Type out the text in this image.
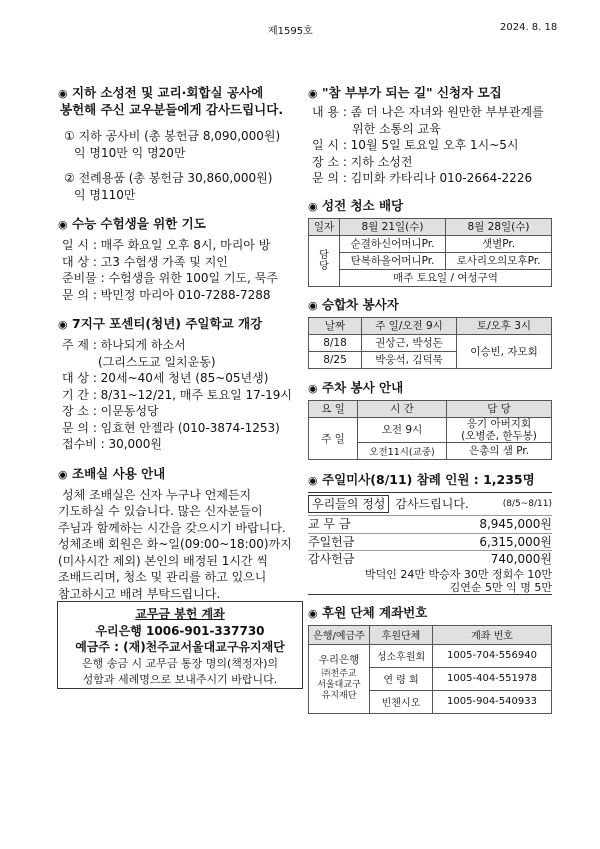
제1595호	2024. 8. 18
◉ 지하 소성전 및 교리·회합실 공사에
봉헌해 주신 교우분들에게 감사드립니다.
① 지하 공사비 (총 봉헌금 8,090,000원)
익 명10만 익 명20만
② 전례용품 (총 봉헌금 30,860,000원)
익 명110만
◉ 수능 수험생을 위한 기도
일 시 : 매주 화요일 오후 8시, 마리아 방
대 상 : 고3 수험생 가족 및 지인
준비물 : 수험생을 위한 100일 기도, 묵주
문 의 : 박민정 마리아 010-7288-7288
◉ 7지구 포센티(청년) 주일학교 개강
주 제 : 하나되게 하소서
(그리스도교 일치운동)
대 상 : 20세~40세 청년 (85~05년생)
기 간 : 8/31~12/21, 매주 토요일 17-19시
장 소 : 이문동성당
문 의 : 임효현 안젤라 (010-3874-1253)
접수비 : 30,000원
◉ 조배실 사용 안내
성체 조배실은 신자 누구나 언제든지
기도하실 수 있습니다. 많은 신자분들이
주님과 함께하는 시간을 갖으시기 바랍니다.
성체조배 회원은 화~일(09:00~18:00)까지
(미사시간 제외) 본인의 배정된 1시간 씩
조배드리며, 청소 및 관리를 하고 있으니
참고하시고 배려 부탁드립니다.
교무금 봉헌 계좌
우리은행 1006-901-337730
예금주 : (재)천주교서울대교구유지재단
은행 송금 시 교무금 통장 명의(책정자)의
성함과 세례명으로 보내주시기 바랍니다.
◉ "참 부부가 되는 길" 신청자 모집
내 용 : 좀 더 나은 자녀와 원만한 부부관계를
위한 소통의 교육
일 시 : 10월 5일 토요일 오후 1시~5시
장 소 : 지하 소성전
문 의 : 김미화 카타리나 010-2664-2226
◉ 성전 청소 배당
일자	8월 21일(수)	8월 28일(수)
담당	순결하신어머니Pr.	샛별Pr.
	탄복하올어머니Pr.	로사리오의모후Pr.
	매주 토요일 / 여성구역	
◉ 승합차 봉사자
날짜	주 일/오전 9시	토/오후 3시
8/18	권상근, 박성돈	이승빈, 자모회
8/25	박웅석, 김덕묵	
◉ 주차 봉사 안내
요 일	시 간	담 당
주 일	오전 9시	응기 아버지회
(오병준, 한두봉)

	오전11시(교중)	은총의 샘 Pr.
◉ 주일미사(8/11) 참례 인원 : 1,235명
우리들의 정성 감사드립니다.	(8/5~8/11)
교 무 금	8,945,000원
주일헌금	6,315,000원
감사헌금	740,000원
박덕인 24만 박승자 30만 정회수 10만
김연순 5만 익 명 5만
◉ 후원 단체 계좌번호
은행/예금주	후원단체	계좌 번호

우리은행
㈜천주교
서울대교구
유지재단	성소후원회	1005-704-556940
	연 령 회	1005-404-551978
	빈첸시오	1005-904-540933
